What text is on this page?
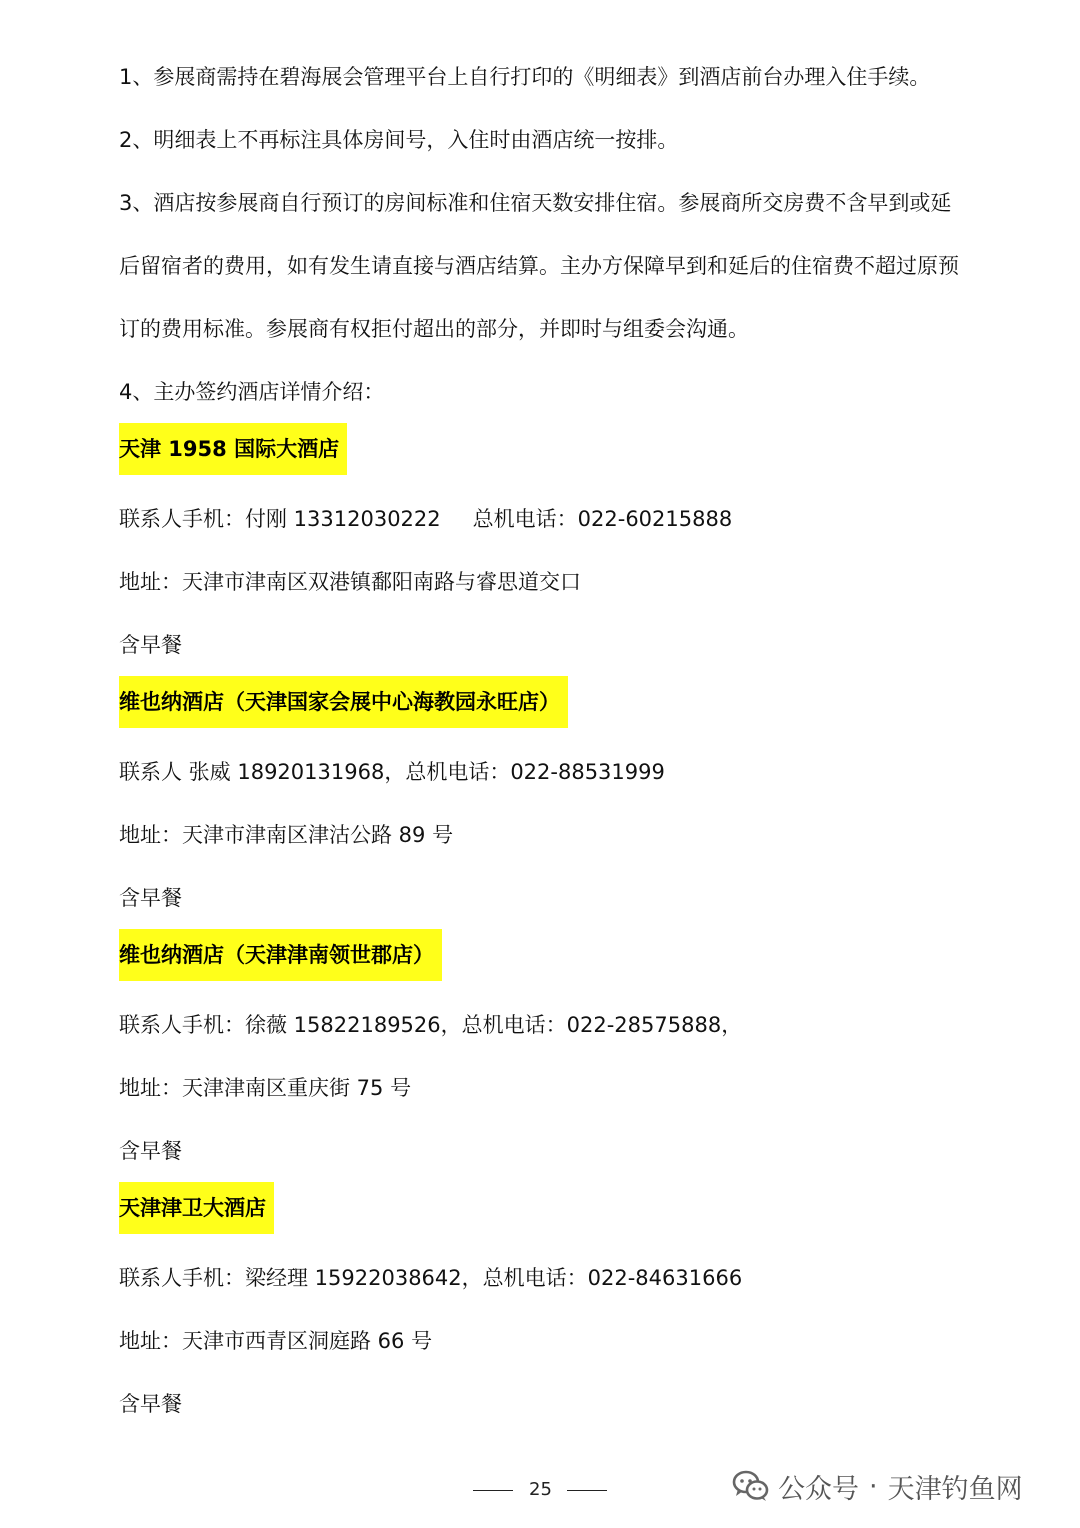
1、参展商需持在碧海展会管理平台上自行打印的《明细表》到酒店前台办理入住手续。
2、明细表上不再标注具体房间号，入住时由酒店统一按排。
3、酒店按参展商自行预订的房间标准和住宿天数安排住宿。参展商所交房费不含早到或延
后留宿者的费用，如有发生请直接与酒店结算。主办方保障早到和延后的住宿费不超过原预
订的费用标准。参展商有权拒付超出的部分，并即时与组委会沟通。
4、主办签约酒店详情介绍：
天津 1958 国际大酒店
联系人手机：付刚 13312030222 总机电话：022-60215888
地址：天津市津南区双港镇鄱阳南路与睿思道交口
含早餐
维也纳酒店（天津国家会展中心海教园永旺店）
联系人 张威 18920131968，总机电话：022-88531999
地址：天津市津南区津沽公路 89 号
含早餐
维也纳酒店（天津津南领世郡店）
联系人手机：徐薇 15822189526，总机电话：022-28575888，
地址：天津津南区重庆街 75 号
含早餐
天津津卫大酒店
联系人手机：梁经理 15922038642，总机电话：022-84631666
地址：天津市西青区洞庭路 66 号
含早餐
25	公众号 · 天津钓鱼网
